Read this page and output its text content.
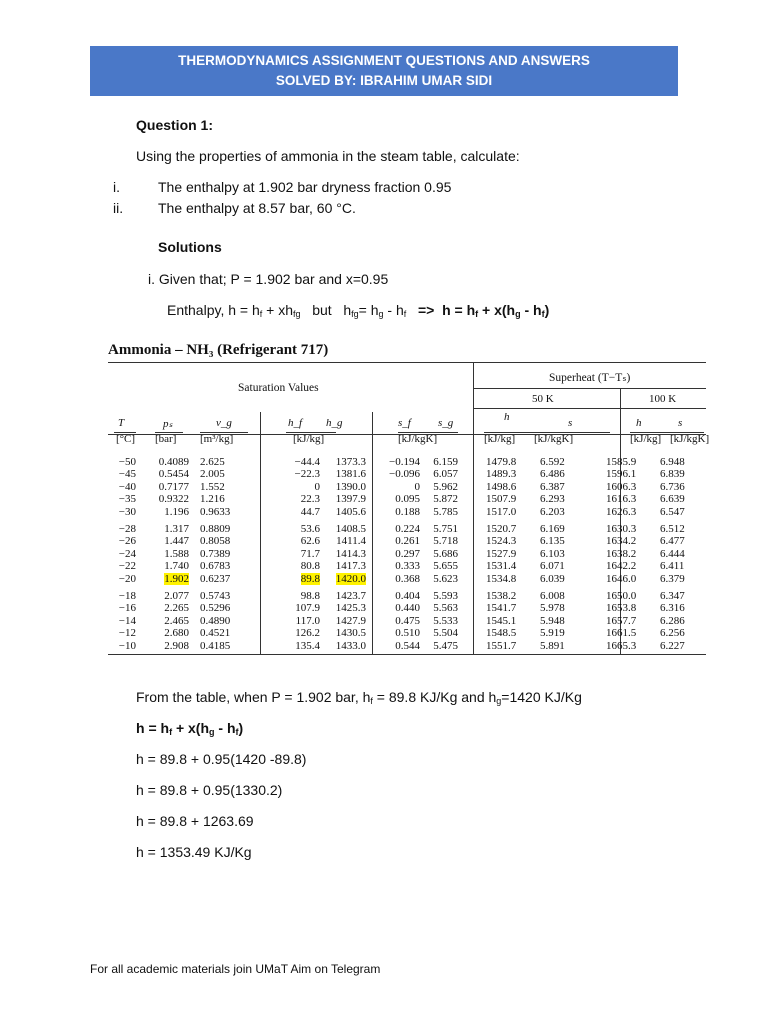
THERMODYNAMICS ASSIGNMENT QUESTIONS AND ANSWERS
SOLVED BY: IBRAHIM UMAR SIDI
Question 1:
Using the properties of ammonia in the steam table, calculate:
i.	The enthalpy at 1.902 bar dryness fraction 0.95
ii. The enthalpy at 8.57 bar, 60 °C.
Solutions
i. Given that; P = 1.902 bar and x=0.95
Enthalpy, $h = h_f + xh_{fg}$   but   $h_{fg}= h_g - h_f => h = h_f + x(h_g - h_f)$
Ammonia – NH₃ (Refrigerant 717)
Saturation Values
Superheat (T−Tₛ)
50 K	100 K
T	pₛ	v_g	h_f h_g	s_f s_g	h	s	h	s
[°C] [bar] [m³/kg]	[kJ/kg]	[kJ/kgK]	[kJ/kg] [kJ/kgK]	[kJ/kg] [kJ/kgK]
−50	0.4089 2.625	−44.4	1373.3	−0.194 6.159	1479.8	6.592	1585.9	6.948
−45	0.5454 2.005	−22.3	1381.6	−0.096 6.057	1489.3	6.486	1596.1	6.839
−40	0.7177 1.552	0	1390.0	0 5.962	1498.6	6.387	1606.3	6.736
−35	0.9322 1.216	22.3	1397.9	0.095 5.872	1507.9	6.293	1616.3	6.639
−30	1.196 0.9633	44.7	1405.6	0.188 5.785	1517.0	6.203	1626.3	6.547
−28	1.317 0.8809	53.6	1408.5	0.224 5.751	1520.7	6.169	1630.3	6.512
−26	1.447 0.8058	62.6	1411.4	0.261 5.718	1524.3	6.135	1634.2	6.477
−24	1.588 0.7389	71.7	1414.3	0.297 5.686	1527.9	6.103	1638.2	6.444
−22	1.740 0.6783	80.8	1417.3	0.333 5.655	1531.4	6.071	1642.2	6.411
−20	1.902 0.6237	89.8	1420.0	0.368 5.623	1534.8	6.039	1646.0	6.379
−18	2.077 0.5743	98.8	1423.7	0.404 5.593	1538.2	6.008	1650.0	6.347
−16	2.265 0.5296	107.9	1425.3	0.440 5.563	1541.7	5.978	1653.8	6.316
−14	2.465 0.4890	117.0	1427.9	0.475 5.533	1545.1	5.948	1657.7	6.286
−12	2.680 0.4521	126.2	1430.5	0.510 5.504	1548.5	5.919	1661.5	6.256
−10	2.908 0.4185	135.4	1433.0	0.544 5.475	1551.7	5.891	1665.3	6.227
From the table, when P = 1.902 bar, $h_f = 89.8$ KJ/Kg and $h_g=1420$ KJ/Kg
$h = h_f + x(h_g - h_f)$
h = 89.8 + 0.95(1420 -89.8)
h = 89.8 + 0.95(1330.2)
h = 89.8 + 1263.69
h = 1353.49 KJ/Kg
For all academic materials join UMaT Aim on Telegram
